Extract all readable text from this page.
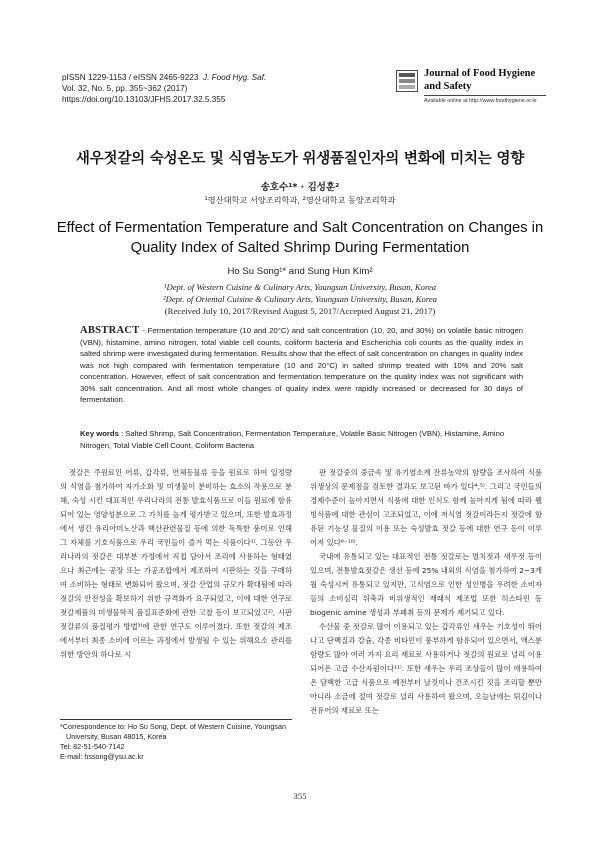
pISSN 1229-1153 / eISSN 2465-9223 J. Food Hyg. Saf.
Vol. 32, No. 5, pp. 355~362 (2017)
https://doi.org/10.13103/JFHS.2017.32.5.355
Journal of Food Hygiene
and Safety
Available online at http://www.foodhygiene.or.kr
새우젓갈의 숙성온도 및 식염농도가 위생품질인자의 변화에 미치는 영향
송호수¹* · 김성훈²
¹영산대학교 서양조리학과, ²영산대학교 동양조리학과
Effect of Fermentation Temperature and Salt Concentration on Changes in
Quality Index of Salted Shrimp During Fermentation
Ho Su Song¹* and Sung Hun Kim²
¹Dept. of Western Cuisine & Culinary Arts, Youngsan University, Busan, Korea
²Dept. of Oriental Cuisine & Culinary Arts, Youngsan University, Busan, Korea
(Received July 10, 2017/Revised August 5, 2017/Accepted August 21, 2017)
ABSTRACT - Fermentation temperature (10 and 20°C) and salt concentration (10, 20, and 30%) on volatile basic nitrogen (VBN), histamine, amino nitrogen, total viable cell counts, coliform bacteria and Escherichia coli counts as the quality index in salted shrimp were investigated during fermentation. Results show that the effect of salt concentration on changes in quality index was not high compared with fermentation temperature (10 and 20°C) in salted shrimp treated with 10% and 20% salt concentration. However, effect of salt concentration and fermentation temperature on the quality index was not significant with 30% salt concentration. And all most whole changes of quality index were rapidly increased or decreased for 30 days of fermentation.
Key words : Salted Shrimp, Salt Concentration, Fermentation Temperature, Volatile Basic Nitrogen (VBN), Histamine, Amino Nitrogen, Total Viable Cell Count, Coliform Bacteria

젓갈은 주원료인 어류, 갑각류, 연체동물류 등을 원료로 하여 일정량의 식염을 첨가하여 자가소화 및 미생물이 분비하는 효소의 작용으로 분해, 숙성 시킨 대표적인 우리나라의 전통 발효식품으로 이들 원료에 함유되어 있는 영양성분으로 그 가치를 높게 평가받고 있으며, 또한 발효과정에서 생긴 유리아미노산과 핵산관련물질 등에 의한 독특한 풍미로 인해 그 자체를 기호식품으로 우리 국민들이 즐겨 먹는 식품이다¹⁾. 그동안 우리나라의 젓갈은 대부분 가정에서 직접 담아서 조리에 사용하는 형태였으나 최근에는 공장 또는 가공조합에서 제조하여 시판하는 것을 구매하여 소비하는 형태로 변화되어 왔으며, 젓갈 산업의 규모가 확대됨에 따라 젓갈의 안전성을 확보하기 위한 규격화가 요구되었고, 이에 대한 연구로 젓갈제품의 미생물학적 품질표준화에 관한 고찰 등이 보고되었고²⁾, 시판 젓갈류의 품질평가 방법³⁾에 관한 연구도 이루어졌다. 또한 젓갈의 제조에서부터 최종 소비에 이르는 과정에서 발생될 수 있는 위해요소 관리를 위한 방안의 하나로 시

판 젓갈중의 중금속 및 유기염소계 잔류농약의 함량을 조사하여 식품위생상의 문제점을 검토한 결과도 보고된 바가 있다⁴,⁵⁾. 그리고 국민들의 경제수준이 높아지면서 식품에 대한 인식도 함께 높아지게 됨에 따라 웰빙식품에 대한 관심이 고조되었고, 이에 저식염 젓갈이라든지 젓갈에 함유된 기능성 물질의 이용 또는 숙성발효 젓갈 등에 대한 연구 등이 이루어져 있다⁶⁻¹⁰⁾.

국내에 유통되고 있는 대표적인 전통 젓갈로는 멸치젓과 새우젓 등이 있으며, 전통발효젓갈은 생선 등에 25% 내외의 식염을 첨가하여 2~3개월 숙성시켜 유통되고 있지만, 고식염으로 인한 성인병을 우려한 소비자들의 소비심리 위축과 비위생적인 재래식 제조법 또한 히스타민 등 biogenic amine 생성과 부패취 등의 문제가 제기되고 있다.

수산물 중 젓갈로 많이 이용되고 있는 갑각류인 새우는 기호성이 뛰어나고 단백질과 칼슘, 각종 비타민이 풍부하게 함유되어 있으면서, 액스분 함량도 많아 여러 가지 요리 재료로 사용하거나 젓갈의 원료로 널리 이용되어온 고급 수산자원이다¹¹⁾. 또한 새우는 우리 조상들이 많이 애용하여온 담백한 고급 식품으로 예전부터 날것이나 건조시킨 것을 조리할 뿐만 아니라 소금에 절여 젓갈로 널리 사용하여 왔으며, 오늘날에는 튀김이나 전유어의 재료로 또는

*Correspondence to: Ho Su Song, Dept. of Western Cuisine, Youngsan
University, Busan 48015, Korea
Tel: 82-51-540-7142
E-mail: hssong@ysu.ac.kr
355
